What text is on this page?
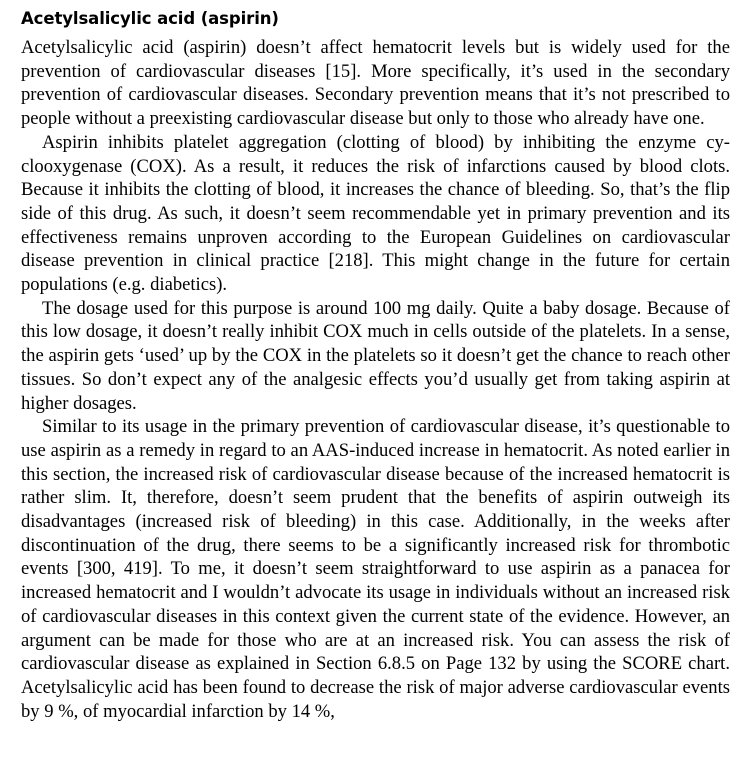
Acetylsalicylic acid (aspirin)

Acetylsalicylic acid (aspirin) doesn’t affect hematocrit levels but is widely used for the prevention of cardiovascular diseases [15]. More specifically, it’s used in the secondary prevention of cardiovascular diseases. Secondary prevention means that it’s not prescribed to people without a preexisting cardiovascular disease but only to those who already have one.

Aspirin inhibits platelet aggregation (clotting of blood) by inhibiting the enzyme cyclooxygenase (COX). As a result, it reduces the risk of infarctions caused by blood clots. Because it inhibits the clotting of blood, it increases the chance of bleeding. So, that’s the flip side of this drug. As such, it doesn’t seem recommendable yet in primary prevention and its effectiveness remains unproven according to the European Guidelines on cardiovascular disease prevention in clinical practice [218]. This might change in the future for certain populations (e.g. diabetics).

The dosage used for this purpose is around 100 mg daily. Quite a baby dosage. Because of this low dosage, it doesn’t really inhibit COX much in cells outside of the platelets. In a sense, the aspirin gets ‘used’ up by the COX in the platelets so it doesn’t get the chance to reach other tissues. So don’t expect any of the analgesic effects you’d usually get from taking aspirin at higher dosages.

Similar to its usage in the primary prevention of cardiovascular disease, it’s questionable to use aspirin as a remedy in regard to an AAS-induced increase in hematocrit. As noted earlier in this section, the increased risk of cardiovascular disease because of the increased hematocrit is rather slim. It, therefore, doesn’t seem prudent that the benefits of aspirin outweigh its disadvantages (increased risk of bleeding) in this case. Additionally, in the weeks after discontinuation of the drug, there seems to be a significantly increased risk for thrombotic events [300, 419]. To me, it doesn’t seem straightforward to use aspirin as a panacea for increased hematocrit and I wouldn’t advocate its usage in individuals without an increased risk of cardiovascular diseases in this context given the current state of the evidence. However, an argument can be made for those who are at an increased risk. You can assess the risk of cardiovascular disease as explained in Section 6.8.5 on Page 132 by using the SCORE chart. Acetylsalicylic acid has been found to decrease the risk of major adverse cardiovascular events by 9 %, of myocardial infarction by 14 %,
